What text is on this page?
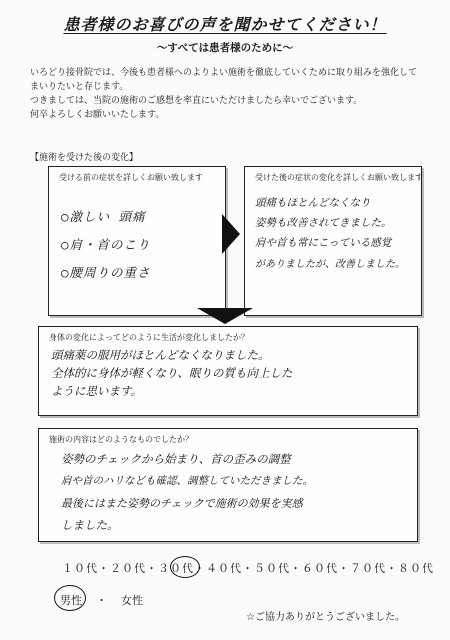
患者様のお喜びの声を聞かせてください！
～すべては患者様のために～
いろどり接骨院では、今後も患者様へのよりよい施術を徹底していくために取り組みを強化して
まいりたいと存じます。
つきましては、当院の施術のご感想を率直にいただけましたら幸いでございます。
何卒よろしくお願いいたします。
【施術を受けた後の変化】
受ける前の症状を詳しくお願い致します
○激しい 頭痛
○肩・首のこり
○腰周りの重さ
受けた後の症状の変化を詳しくお願い致します
頭痛もほとんどなくなり
姿勢も改善されてきました。
肩や首も常にこっている感覚
がありましたが、改善しました。
身体の変化によってどのように生活が変化しましたか？
頭痛薬の服用がほとんどなくなりました。
全体的に身体が軽くなり、眠りの質も向上した
ように思います。
施術の内容はどのようなものでしたか？
姿勢のチェックから始まり、首の歪みの調整
肩や首のハリなども確認、調整していただきました。
最後にはまた姿勢のチェックで施術の効果を実感
しました。
１０代・２０代・３０代・４０代・５０代・６０代・７０代・８０代
男性 ・ 女性
☆ご協力ありがとうございました。
